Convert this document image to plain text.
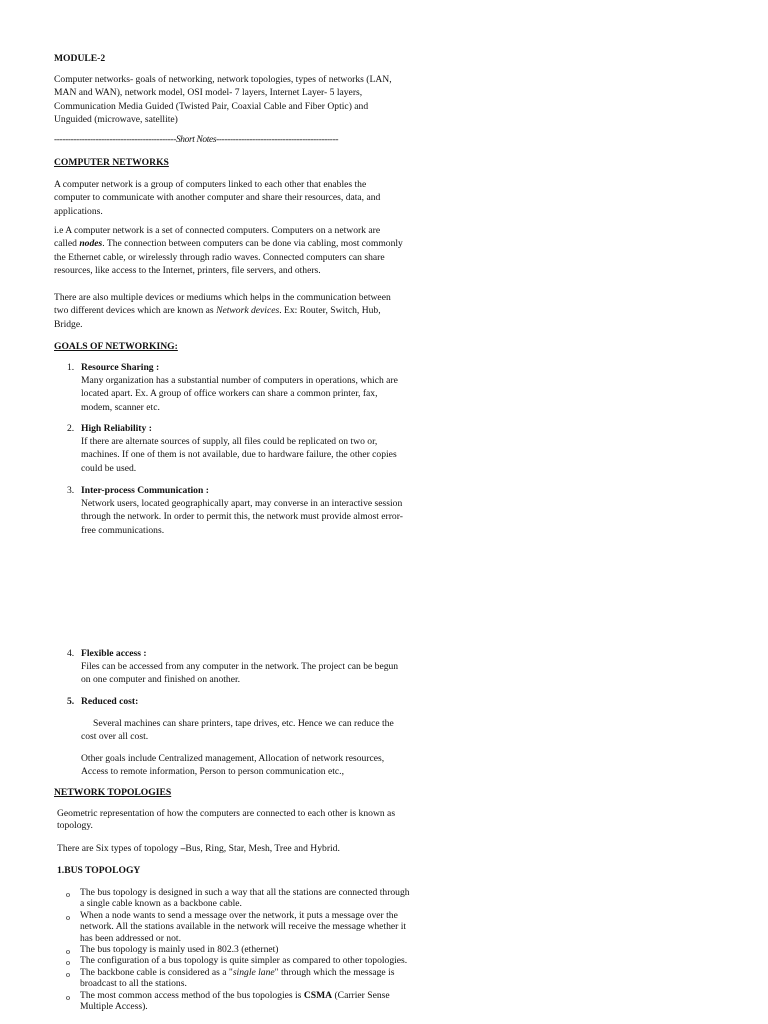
MODULE-2

Computer networks- goals of networking, network topologies, types of networks (LAN, MAN and WAN), network model, OSI model- 7 layers, Internet Layer- 5 layers, Communication Media Guided (Twisted Pair, Coaxial Cable and Fiber Optic) and Unguided (microwave, satellite)

--------------------------------------------Short Notes--------------------------------------------

COMPUTER NETWORKS

A computer network is a group of computers linked to each other that enables the computer to communicate with another computer and share their resources, data, and applications.

i.e A computer network is a set of connected computers. Computers on a network are called nodes. The connection between computers can be done via cabling, most commonly the Ethernet cable, or wirelessly through radio waves. Connected computers can share resources, like access to the Internet, printers, file servers, and others.

There are also multiple devices or mediums which helps in the communication between two different devices which are known as Network devices. Ex: Router, Switch, Hub, Bridge.

GOALS OF NETWORKING:

1. Resource Sharing :

Many organization has a substantial number of computers in operations, which are located apart. Ex. A group of office workers can share a common printer, fax, modem, scanner etc.

2. High Reliability :

If there are alternate sources of supply, all files could be replicated on two or, machines. If one of them is not available, due to hardware failure, the other copies could be used.

3. Inter-process Communication :

Network users, located geographically apart, may converse in an interactive session through the network. In order to permit this, the network must provide almost error-free communications.

4. Flexible access :

Files can be accessed from any computer in the network. The project can be begun on one computer and finished on another.

5. Reduced cost:

Several machines can share printers, tape drives, etc. Hence we can reduce the cost over all cost.

Other goals include Centralized management, Allocation of network resources, Access to remote information, Person to person communication etc.,

NETWORK TOPOLOGIES

Geometric representation of how the computers are connected to each other is known as topology.

There are Six types of topology –Bus, Ring, Star, Mesh, Tree and Hybrid.

1.BUS TOPOLOGY

o The bus topology is designed in such a way that all the stations are connected through a single cable known as a backbone cable.
o When a node wants to send a message over the network, it puts a message over the network. All the stations available in the network will receive the message whether it has been addressed or not.
o The bus topology is mainly used in 802.3 (ethernet)
o The configuration of a bus topology is quite simpler as compared to other topologies.
o The backbone cable is considered as a "single lane" through which the message is broadcast to all the stations.
o The most common access method of the bus topologies is CSMA (Carrier Sense Multiple Access).
